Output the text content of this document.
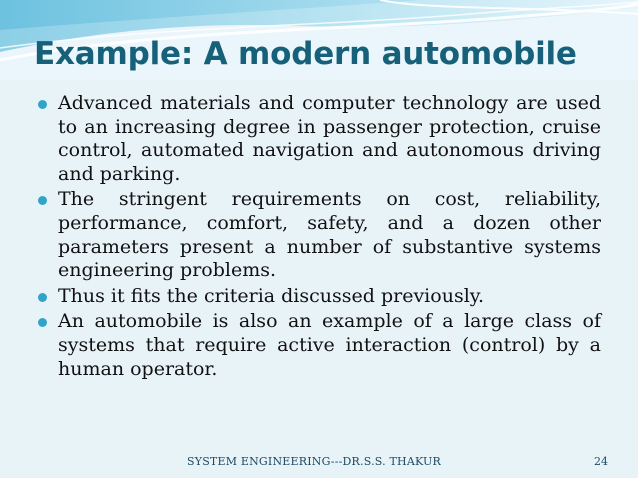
Example: A modern automobile
Advanced materials and computer technology are used to an increasing degree in passenger protection, cruise control, automated navigation and autonomous driving and parking.
The stringent requirements on cost, reliability, performance, comfort, safety, and a dozen other parameters present a number of substantive systems engineering problems.
Thus it fits the criteria discussed previously.
An automobile is also an example of a large class of systems that require active interaction (control) by a human operator.
SYSTEM ENGINEERING---DR.S.S. THAKUR	24
